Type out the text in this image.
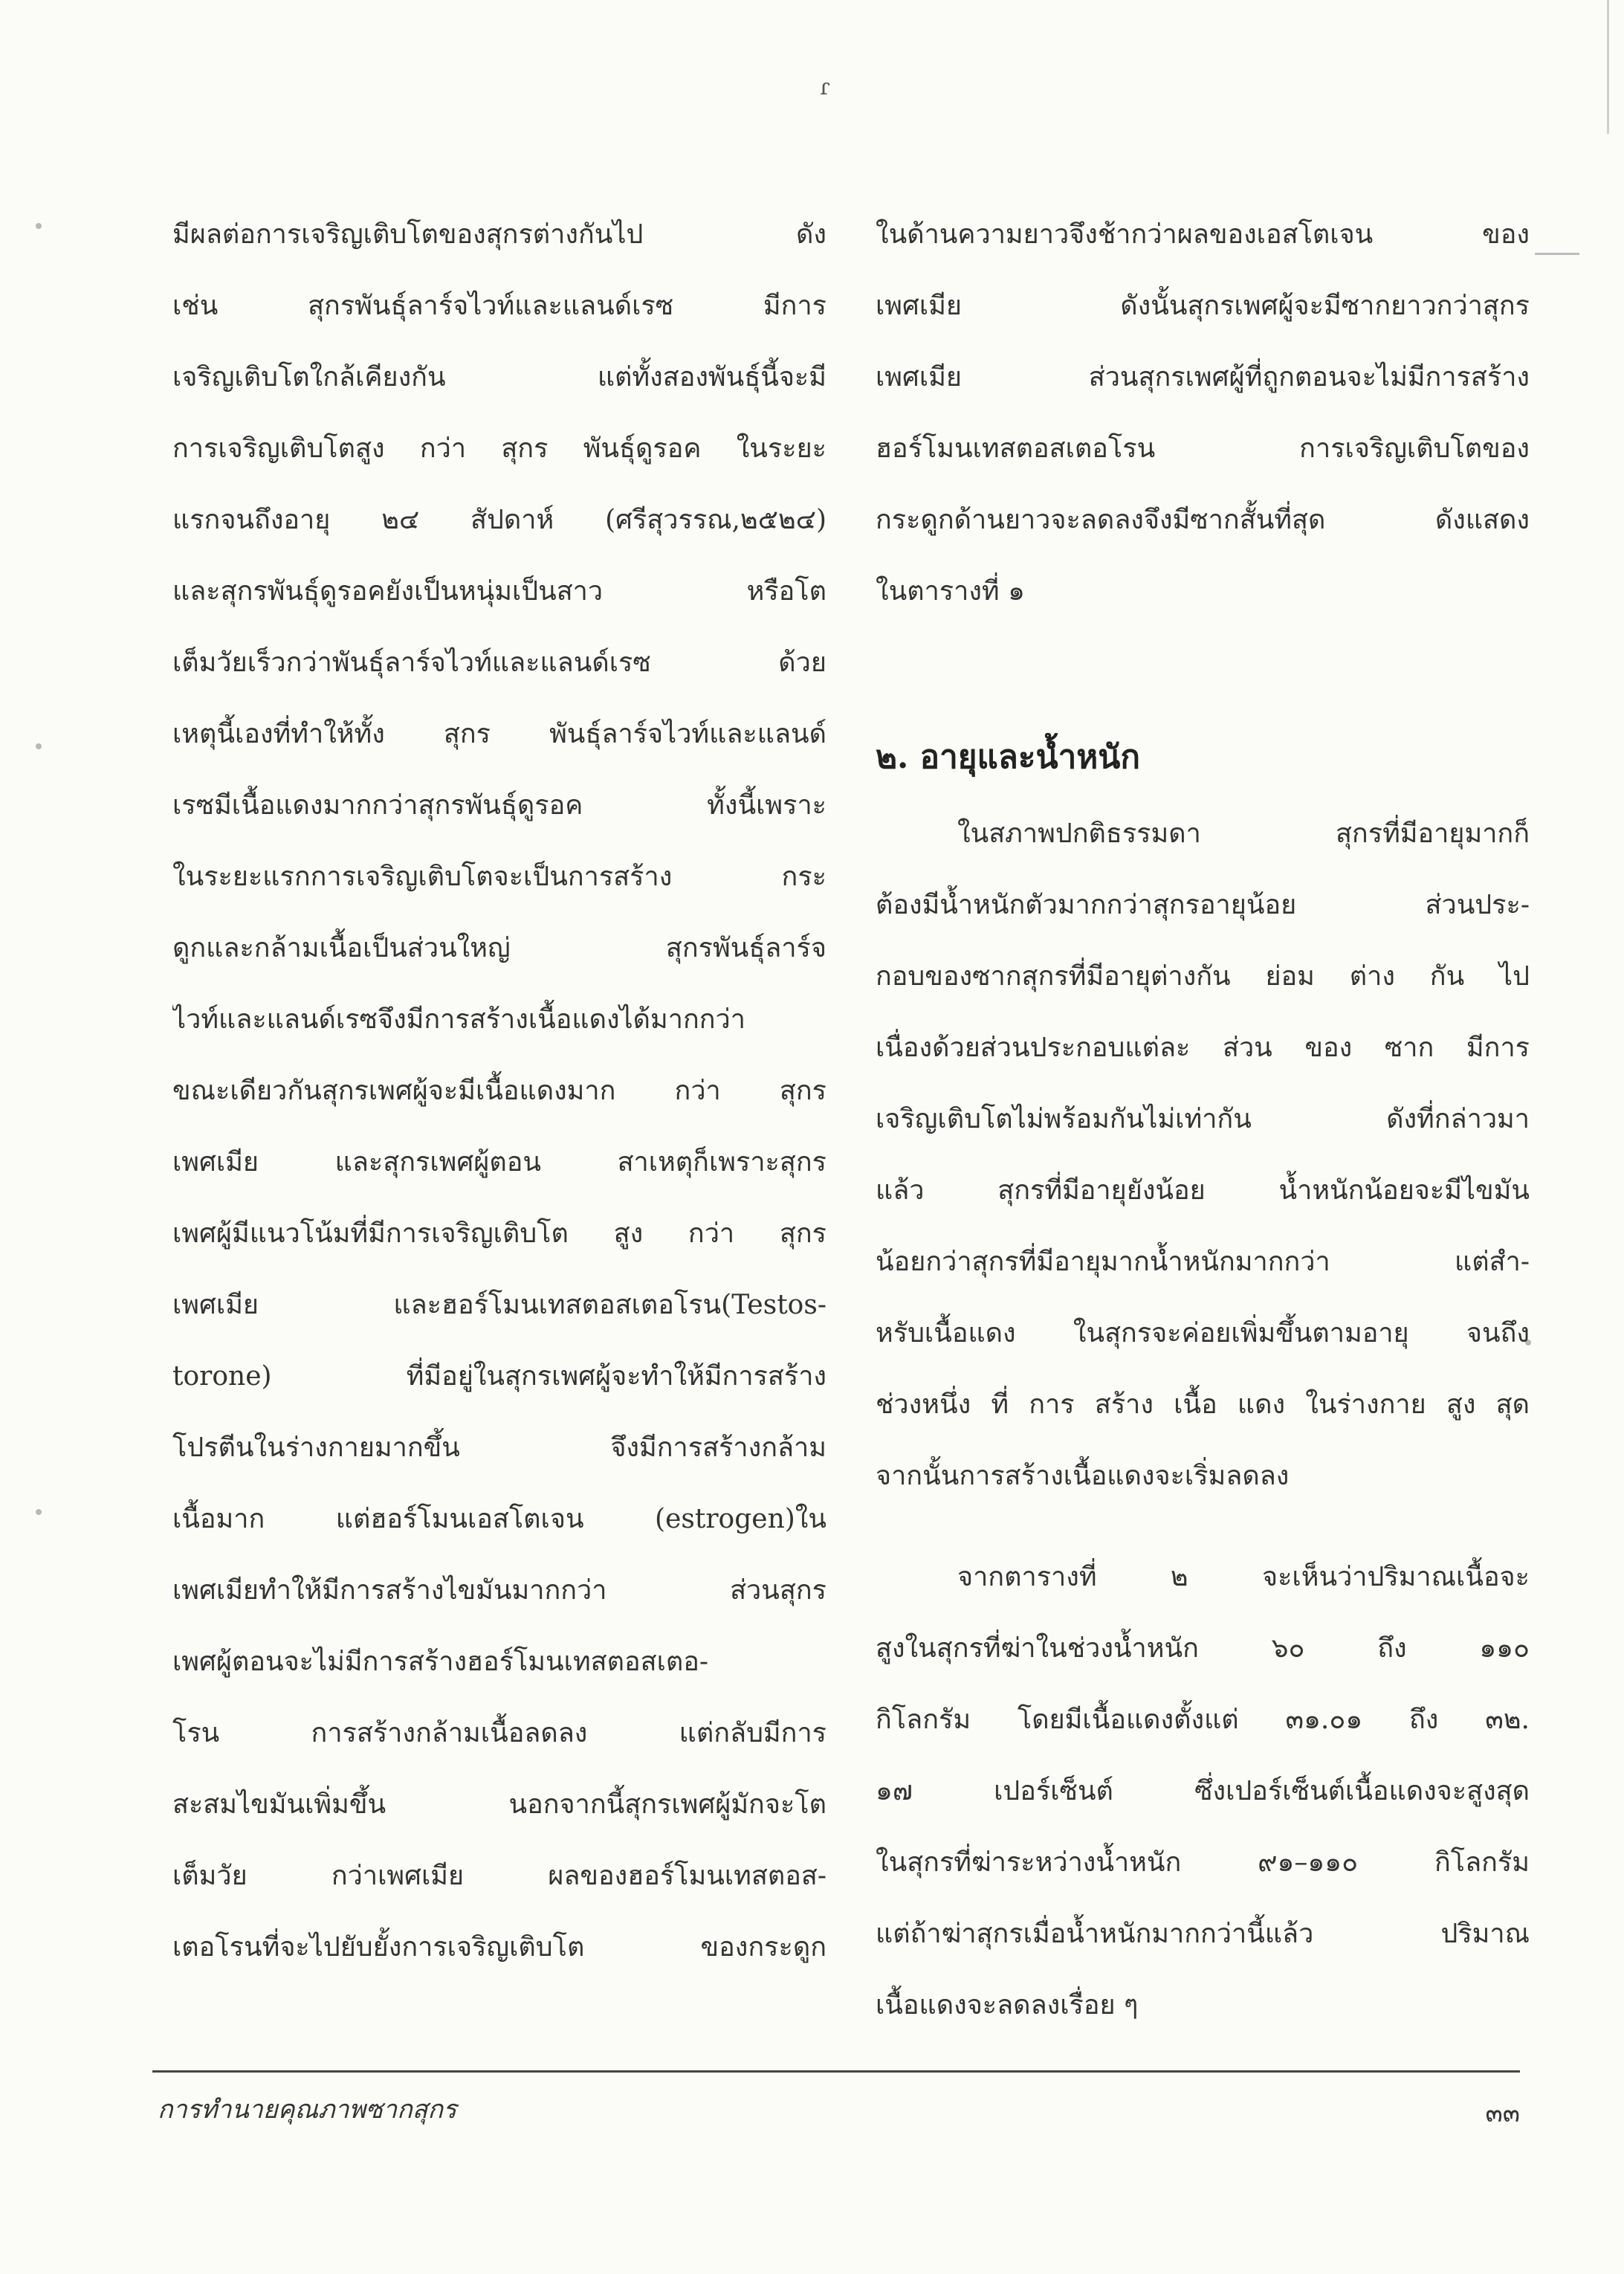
ɾ
มีผลต่อการเจริญเติบโตของสุกรต่างกันไป ดัง
เช่น สุกรพันธุ์ลาร์จไวท์และแลนด์เรซ มีการ
เจริญเติบโตใกล้เคียงกัน แต่ทั้งสองพันธุ์นี้จะมี
การเจริญเติบโตสูง กว่า สุกร พันธุ์ดูรอค ในระยะ
แรกจนถึงอายุ ๒๔ สัปดาห์ (ศรีสุวรรณ,๒๕๒๔)
และสุกรพันธุ์ดูรอคยังเป็นหนุ่มเป็นสาว หรือโต
เต็มวัยเร็วกว่าพันธุ์ลาร์จไวท์และแลนด์เรซ ด้วย
เหตุนี้เองที่ทำให้ทั้ง สุกร พันธุ์ลาร์จไวท์และแลนด์
เรซมีเนื้อแดงมากกว่าสุกรพันธุ์ดูรอค ทั้งนี้เพราะ
ในระยะแรกการเจริญเติบโตจะเป็นการสร้าง กระ
ดูกและกล้ามเนื้อเป็นส่วนใหญ่ สุกรพันธุ์ลาร์จ
ไวท์และแลนด์เรซจึงมีการสร้างเนื้อแดงได้มากกว่า
ขณะเดียวกันสุกรเพศผู้จะมีเนื้อแดงมาก กว่า สุกร
เพศเมีย และสุกรเพศผู้ตอน สาเหตุก็เพราะสุกร
เพศผู้มีแนวโน้มที่มีการเจริญเติบโต สูง กว่า สุกร
เพศเมีย และฮอร์โมนเทสตอสเตอโรน(Testos-
torone) ที่มีอยู่ในสุกรเพศผู้จะทำให้มีการสร้าง
โปรตีนในร่างกายมากขึ้น จึงมีการสร้างกล้าม
เนื้อมาก แต่ฮอร์โมนเอสโตเจน (estrogen)ใน
เพศเมียทำให้มีการสร้างไขมันมากกว่า ส่วนสุกร
เพศผู้ตอนจะไม่มีการสร้างฮอร์โมนเทสตอสเตอ-
โรน การสร้างกล้ามเนื้อลดลง แต่กลับมีการ
สะสมไขมันเพิ่มขึ้น นอกจากนี้สุกรเพศผู้มักจะโต
เต็มวัย กว่าเพศเมีย ผลของฮอร์โมนเทสตอส-
เตอโรนที่จะไปยับยั้งการเจริญเติบโต ของกระดูก
ในด้านความยาวจึงช้ากว่าผลของเอสโตเจน ของ
เพศเมีย ดังนั้นสุกรเพศผู้จะมีซากยาวกว่าสุกร
เพศเมีย ส่วนสุกรเพศผู้ที่ถูกตอนจะไม่มีการสร้าง
ฮอร์โมนเทสตอสเตอโรน การเจริญเติบโตของ
กระดูกด้านยาวจะลดลงจึงมีซากสั้นที่สุด ดังแสดง
ในตารางที่ ๑
๒. อายุและน้ำหนัก
ในสภาพปกติธรรมดา สุกรที่มีอายุมากก็
ต้องมีน้ำหนักตัวมากกว่าสุกรอายุน้อย ส่วนประ-
กอบของซากสุกรที่มีอายุต่างกัน ย่อม ต่าง กัน ไป
เนื่องด้วยส่วนประกอบแต่ละ ส่วน ของ ซาก มีการ
เจริญเติบโตไม่พร้อมกันไม่เท่ากัน ดังที่กล่าวมา
แล้ว สุกรที่มีอายุยังน้อย น้ำหนักน้อยจะมีไขมัน
น้อยกว่าสุกรที่มีอายุมากน้ำหนักมากกว่า แต่สำ-
หรับเนื้อแดง ในสุกรจะค่อยเพิ่มขึ้นตามอายุ จนถึง
ช่วงหนึ่ง ที่ การ สร้าง เนื้อ แดง ในร่างกาย สูง สุด
จากนั้นการสร้างเนื้อแดงจะเริ่มลดลง
จากตารางที่ ๒ จะเห็นว่าปริมาณเนื้อจะ
สูงในสุกรที่ฆ่าในช่วงน้ำหนัก ๖๐ ถึง ๑๑๐
กิโลกรัม โดยมีเนื้อแดงตั้งแต่ ๓๑.๐๑ ถึง ๓๒.
๑๗ เปอร์เซ็นต์ ซึ่งเปอร์เซ็นต์เนื้อแดงจะสูงสุด
ในสุกรที่ฆ่าระหว่างน้ำหนัก ๙๑–๑๑๐ กิโลกรัม
แต่ถ้าฆ่าสุกรเมื่อน้ำหนักมากกว่านี้แล้ว ปริมาณ
เนื้อแดงจะลดลงเรื่อย ๆ
การทำนายคุณภาพซากสุกร	๓๓
